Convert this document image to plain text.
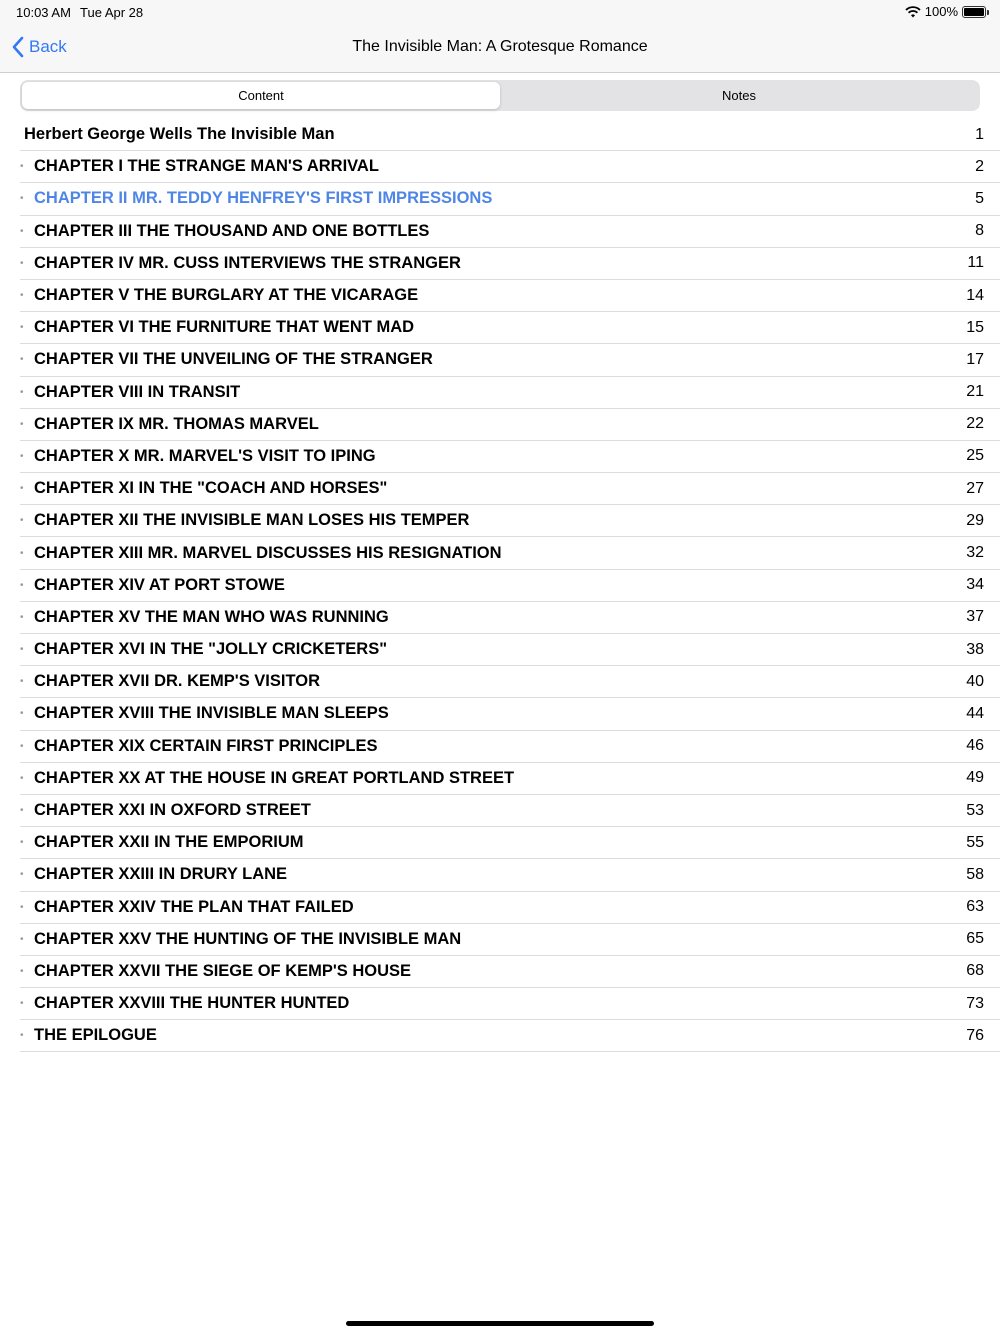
10:03 AM Tue Apr 28	100%
Back	The Invisible Man: A Grotesque Romance
Content	Notes
Herbert George Wells The Invisible Man	1
• CHAPTER I THE STRANGE MAN'S ARRIVAL	2
• CHAPTER II MR. TEDDY HENFREY'S FIRST IMPRESSIONS	5
• CHAPTER III THE THOUSAND AND ONE BOTTLES	8
• CHAPTER IV MR. CUSS INTERVIEWS THE STRANGER	11
• CHAPTER V THE BURGLARY AT THE VICARAGE	14
• CHAPTER VI THE FURNITURE THAT WENT MAD	15
• CHAPTER VII THE UNVEILING OF THE STRANGER	17
• CHAPTER VIII IN TRANSIT	21
• CHAPTER IX MR. THOMAS MARVEL	22
• CHAPTER X MR. MARVEL'S VISIT TO IPING	25
• CHAPTER XI IN THE "COACH AND HORSES"	27
• CHAPTER XII THE INVISIBLE MAN LOSES HIS TEMPER	29
• CHAPTER XIII MR. MARVEL DISCUSSES HIS RESIGNATION	32
• CHAPTER XIV AT PORT STOWE	34
• CHAPTER XV THE MAN WHO WAS RUNNING	37
• CHAPTER XVI IN THE "JOLLY CRICKETERS"	38
• CHAPTER XVII DR. KEMP'S VISITOR	40
• CHAPTER XVIII THE INVISIBLE MAN SLEEPS	44
• CHAPTER XIX CERTAIN FIRST PRINCIPLES	46
• CHAPTER XX AT THE HOUSE IN GREAT PORTLAND STREET	49
• CHAPTER XXI IN OXFORD STREET	53
• CHAPTER XXII IN THE EMPORIUM	55
• CHAPTER XXIII IN DRURY LANE	58
• CHAPTER XXIV THE PLAN THAT FAILED	63
• CHAPTER XXV THE HUNTING OF THE INVISIBLE MAN	65
• CHAPTER XXVII THE SIEGE OF KEMP'S HOUSE	68
• CHAPTER XXVIII THE HUNTER HUNTED	73
• THE EPILOGUE	76
